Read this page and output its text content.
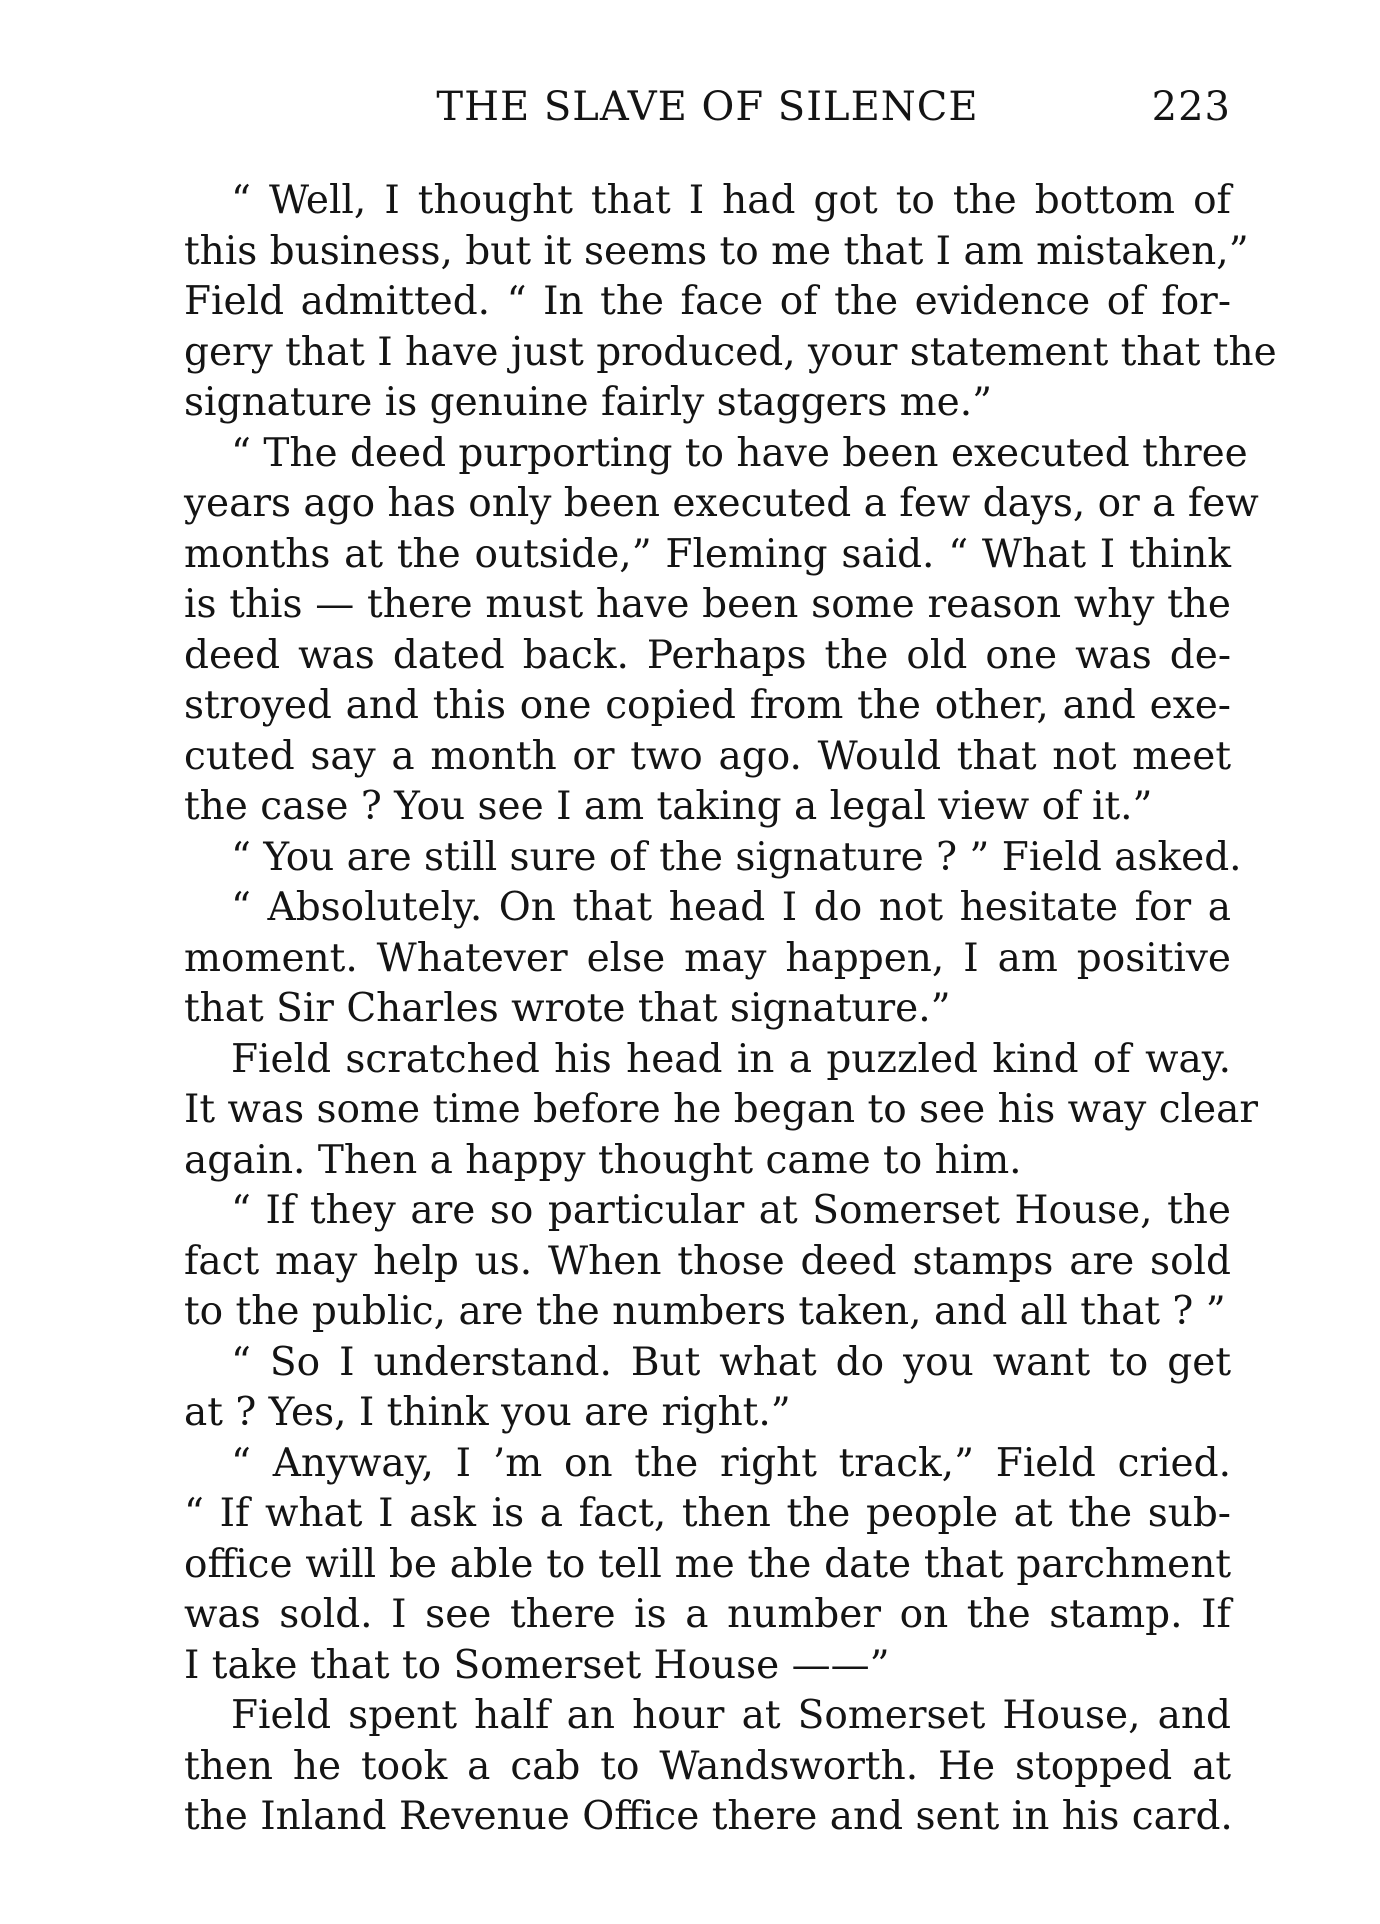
THE SLAVE OF SILENCE	223
“ Well, I thought that I had got to the bottom of
this business, but it seems to me that I am mistaken,”
Field admitted. “ In the face of the evidence of for-
gery that I have just produced, your statement that the
signature is genuine fairly staggers me.”
“ The deed purporting to have been executed three
years ago has only been executed a few days, or a few
months at the outside,” Fleming said. “ What I think
is this — there must have been some reason why the
deed was dated back. Perhaps the old one was de-
stroyed and this one copied from the other, and exe-
cuted say a month or two ago. Would that not meet
the case ? You see I am taking a legal view of it.”
“ You are still sure of the signature ? ” Field asked.
“ Absolutely. On that head I do not hesitate for a
moment. Whatever else may happen, I am positive
that Sir Charles wrote that signature.”
Field scratched his head in a puzzled kind of way.
It was some time before he began to see his way clear
again. Then a happy thought came to him.
“ If they are so particular at Somerset House, the
fact may help us. When those deed stamps are sold
to the public, are the numbers taken, and all that ? ”
“ So I understand. But what do you want to get
at ? Yes, I think you are right.”
“ Anyway, I ’m on the right track,” Field cried.
“ If what I ask is a fact, then the people at the sub-
office will be able to tell me the date that parchment
was sold. I see there is a number on the stamp. If
I take that to Somerset House ——”
Field spent half an hour at Somerset House, and
then he took a cab to Wandsworth. He stopped at
the Inland Revenue Office there and sent in his card.
